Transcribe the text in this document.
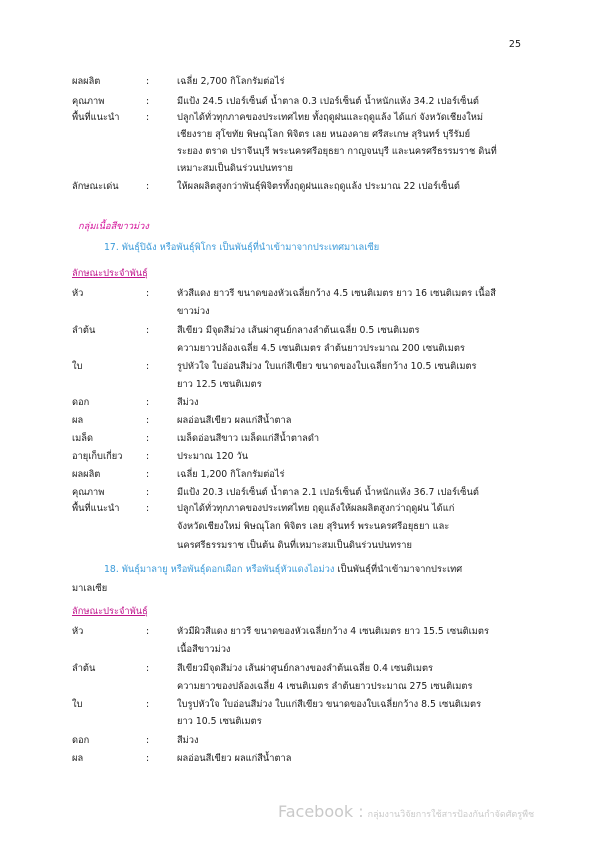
25
ผลผลิต	:	เฉลี่ย 2,700 กิโลกรัมต่อไร่
คุณภาพ	:	มีแป้ง 24.5 เปอร์เซ็นต์ น้ำตาล 0.3 เปอร์เซ็นต์ น้ำหนักแห้ง 34.2 เปอร์เซ็นต์
พื้นที่แนะนำ	:	ปลูกได้ทั่วทุกภาคของประเทศไทย ทั้งฤดูฝนและฤดูแล้ง ได้แก่ จังหวัดเชียงใหม่
เชียงราย สุโขทัย พิษณุโลก พิจิตร เลย หนองคาย ศรีสะเกษ สุรินทร์ บุรีรัมย์
ระยอง ตราด ปราจีนบุรี พระนครศรีอยุธยา กาญจนบุรี และนครศรีธรรมราช ดินที่
เหมาะสมเป็นดินร่วนปนทราย
ลักษณะเด่น	:	ให้ผลผลิตสูงกว่าพันธุ์พิจิตรทั้งฤดูฝนและฤดูแล้ง ประมาณ 22 เปอร์เซ็นต์
กลุ่มเนื้อสีขาวม่วง
17. พันธุ์ปิฉัง หรือพันธุ์พิโกร เป็นพันธุ์ที่นำเข้ามาจากประเทศมาเลเซีย
ลักษณะประจำพันธุ์
หัว	:	หัวสีแดง ยาวรี ขนาดของหัวเฉลี่ยกว้าง 4.5 เซนติเมตร ยาว 16 เซนติเมตร เนื้อสี
ขาวม่วง
ลำต้น	:	สีเขียว มีจุดสีม่วง เส้นผ่าศูนย์กลางลำต้นเฉลี่ย 0.5 เซนติเมตร
ความยาวปล้องเฉลี่ย 4.5 เซนติเมตร ลำต้นยาวประมาณ 200 เซนติเมตร
ใบ	:	รูปหัวใจ ใบอ่อนสีม่วง ใบแก่สีเขียว ขนาดของใบเฉลี่ยกว้าง 10.5 เซนติเมตร
ยาว 12.5 เซนติเมตร
ดอก	:	สีม่วง
ผล	:	ผลอ่อนสีเขียว ผลแก่สีน้ำตาล
เมล็ด	:	เมล็ดอ่อนสีขาว เมล็ดแก่สีน้ำตาลดำ
อายุเก็บเกี่ยว	:	ประมาณ 120 วัน
ผลผลิต	:	เฉลี่ย 1,200 กิโลกรัมต่อไร่
คุณภาพ	:	มีแป้ง 20.3 เปอร์เซ็นต์ น้ำตาล 2.1 เปอร์เซ็นต์ น้ำหนักแห้ง 36.7 เปอร์เซ็นต์
พื้นที่แนะนำ	:	ปลูกได้ทั่วทุกภาคของประเทศไทย ฤดูแล้งให้ผลผลิตสูงกว่าฤดูฝน ได้แก่
จังหวัดเชียงใหม่ พิษณุโลก พิจิตร เลย สุรินทร์ พระนครศรีอยุธยา และ
นครศรีธรรมราช เป็นต้น ดินที่เหมาะสมเป็นดินร่วนปนทราย
18. พันธุ์มาลายู หรือพันธุ์ดอกเผือก หรือพันธุ์หัวแดงไอม่วง เป็นพันธุ์ที่นำเข้ามาจากประเทศ
มาเลเซีย
ลักษณะประจำพันธุ์
หัว	:	หัวมีผิวสีแดง ยาวรี ขนาดของหัวเฉลี่ยกว้าง 4 เซนติเมตร ยาว 15.5 เซนติเมตร
เนื้อสีขาวม่วง
ลำต้น	:	สีเขียวมีจุดสีม่วง เส้นผ่าศูนย์กลางของลำต้นเฉลี่ย 0.4 เซนติเมตร
ความยาวของปล้องเฉลี่ย 4 เซนติเมตร ลำต้นยาวประมาณ 275 เซนติเมตร
ใบ	:	ใบรูปหัวใจ ใบอ่อนสีม่วง ใบแก่สีเขียว ขนาดของใบเฉลี่ยกว้าง 8.5 เซนติเมตร
ยาว 10.5 เซนติเมตร
ดอก	:	สีม่วง
ผล	:	ผลอ่อนสีเขียว ผลแก่สีน้ำตาล
Facebook : กลุ่มงานวิจัยการใช้สารป้องกันกำจัดศัตรูพืช
